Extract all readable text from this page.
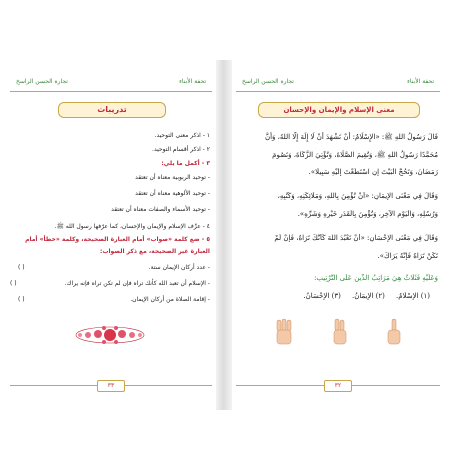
تجارة الحسن الراسخ	تحفة الأبناء
تدريبات
١ - اذكر معنى التوحيد.
٢ - اذكر أقسام التوحيد.
٣ - أكمل ما يلي:
- توحيد الربوبية معناه أن تعتقد
- توحيد الألوهية معناه أن تعتقد
- توحيد الأسماء والصفات معناه أن تعتقد
٤ - عرِّف الإسلام والإيمان والإحسان، كما عرّفها رسول الله ﷺ.
٥ - ضع كلمة «صواب» أمام العبارة الصحيحة، وكلمة «خطأ» أمام
العبارة غير الصحيحة، مع ذكر الصواب:
- عدد أركان الإيمان ستة.
- الإسلام أن تعبد الله كأنك تراه فإن لم تكن تراه فإنه يراك.
- إقامة الصلاة من أركان الإيمان.
( )
( )
( )
٣٣
تجارة الحسن الراسخ	تحفة الأبناء
معنى الإسلام والإيمان والإحسان
قَالَ رَسُولُ اللهِ ﷺ: «الإِسْلَامُ: أَنْ تَشْهَدَ أَنْ لَا إِلَهَ إِلَّا اللهُ، وَأَنَّ
مُحَمَّدًا رَسُولُ اللهِ ﷺ، وَتُقِيمَ الصَّلَاةَ، وَتُؤْتِيَ الزَّكَاةَ، وَتَصُومَ
رَمَضَانَ، وَتَحُجَّ الْبَيْتَ إِنِ اسْتَطَعْتَ إِلَيْهِ سَبِيلًا».
وَقَالَ فِي مَعْنَى الإِيمَانِ: «أَنْ تُؤْمِنَ بِاللهِ، وَمَلَائِكَتِهِ، وَكُتُبِهِ،
وَرُسُلِهِ، وَالْيَوْمِ الآخِرِ، وَتُؤْمِنَ بِالْقَدَرِ خَيْرِهِ وَشَرِّهِ».
وَقَالَ فِي مَعْنَى الإِحْسَانِ: «أَنْ تَعْبُدَ اللهَ كَأَنَّكَ تَرَاهُ، فَإِنْ لَمْ
تَكُنْ تَرَاهُ فَإِنَّهُ يَرَاكَ».
وَعَلَيْهِ فَثَلَاثٌ هِيَ مَرَاتِبُ الدِّينِ عَلَى التَّرْتِيبِ:
(١) الإِسْلَامُ.     (٢) الإِيمَانُ.     (٣) الإِحْسَانُ.
٣٢
